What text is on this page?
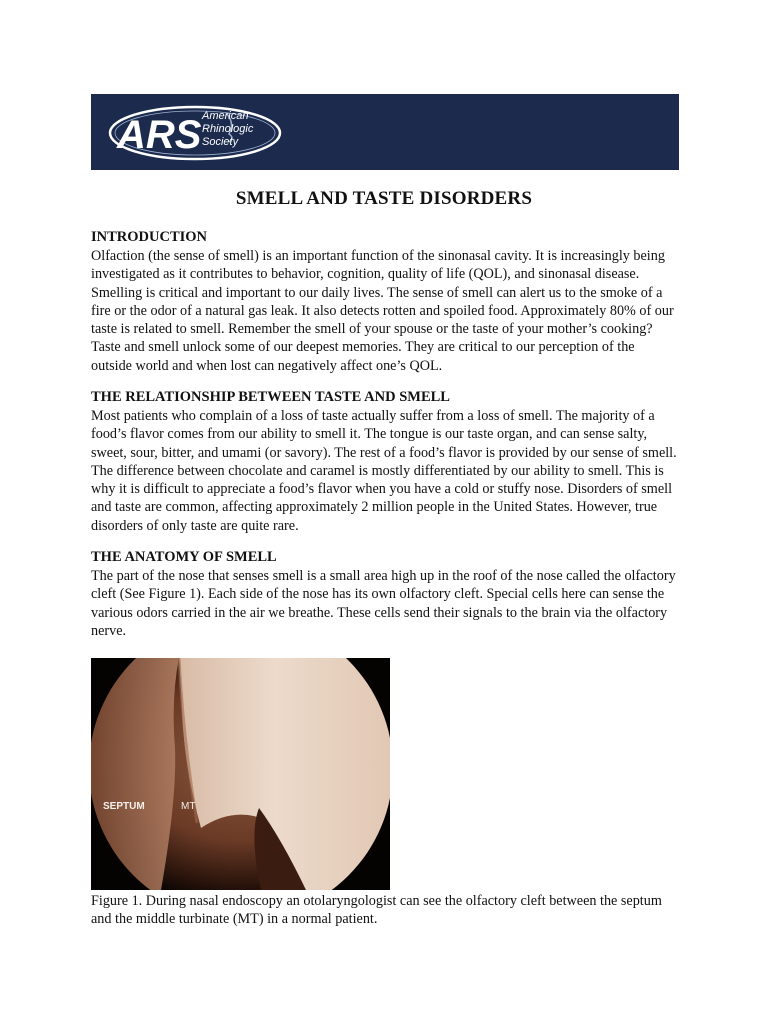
ARS American
Rhinologic
Society
SMELL AND TASTE DISORDERS
INTRODUCTION

Olfaction (the sense of smell) is an important function of the sinonasal cavity. It is increasingly being investigated as it contributes to behavior, cognition, quality of life (QOL), and sinonasal disease. Smelling is critical and important to our daily lives. The sense of smell can alert us to the smoke of a fire or the odor of a natural gas leak. It also detects rotten and spoiled food. Approximately 80% of our taste is related to smell. Remember the smell of your spouse or the taste of your mother’s cooking? Taste and smell unlock some of our deepest memories. They are critical to our perception of the outside world and when lost can negatively affect one’s QOL.

THE RELATIONSHIP BETWEEN TASTE AND SMELL

Most patients who complain of a loss of taste actually suffer from a loss of smell. The majority of a food’s flavor comes from our ability to smell it. The tongue is our taste organ, and can sense salty, sweet, sour, bitter, and umami (or savory). The rest of a food’s flavor is provided by our sense of smell. The difference between chocolate and caramel is mostly differentiated by our ability to smell. This is why it is difficult to appreciate a food’s flavor when you have a cold or stuffy nose. Disorders of smell and taste are common, affecting approximately 2 million people in the United States. However, true disorders of only taste are quite rare.

THE ANATOMY OF SMELL

The part of the nose that senses smell is a small area high up in the roof of the nose called the olfactory cleft (See Figure 1). Each side of the nose has its own olfactory cleft. Special cells here can sense the various odors carried in the air we breathe. These cells send their signals to the brain via the olfactory nerve.

SEPTUM	MT
Figure 1. During nasal endoscopy an otolaryngologist can see the olfactory cleft between the septum and the middle turbinate (MT) in a normal patient.
